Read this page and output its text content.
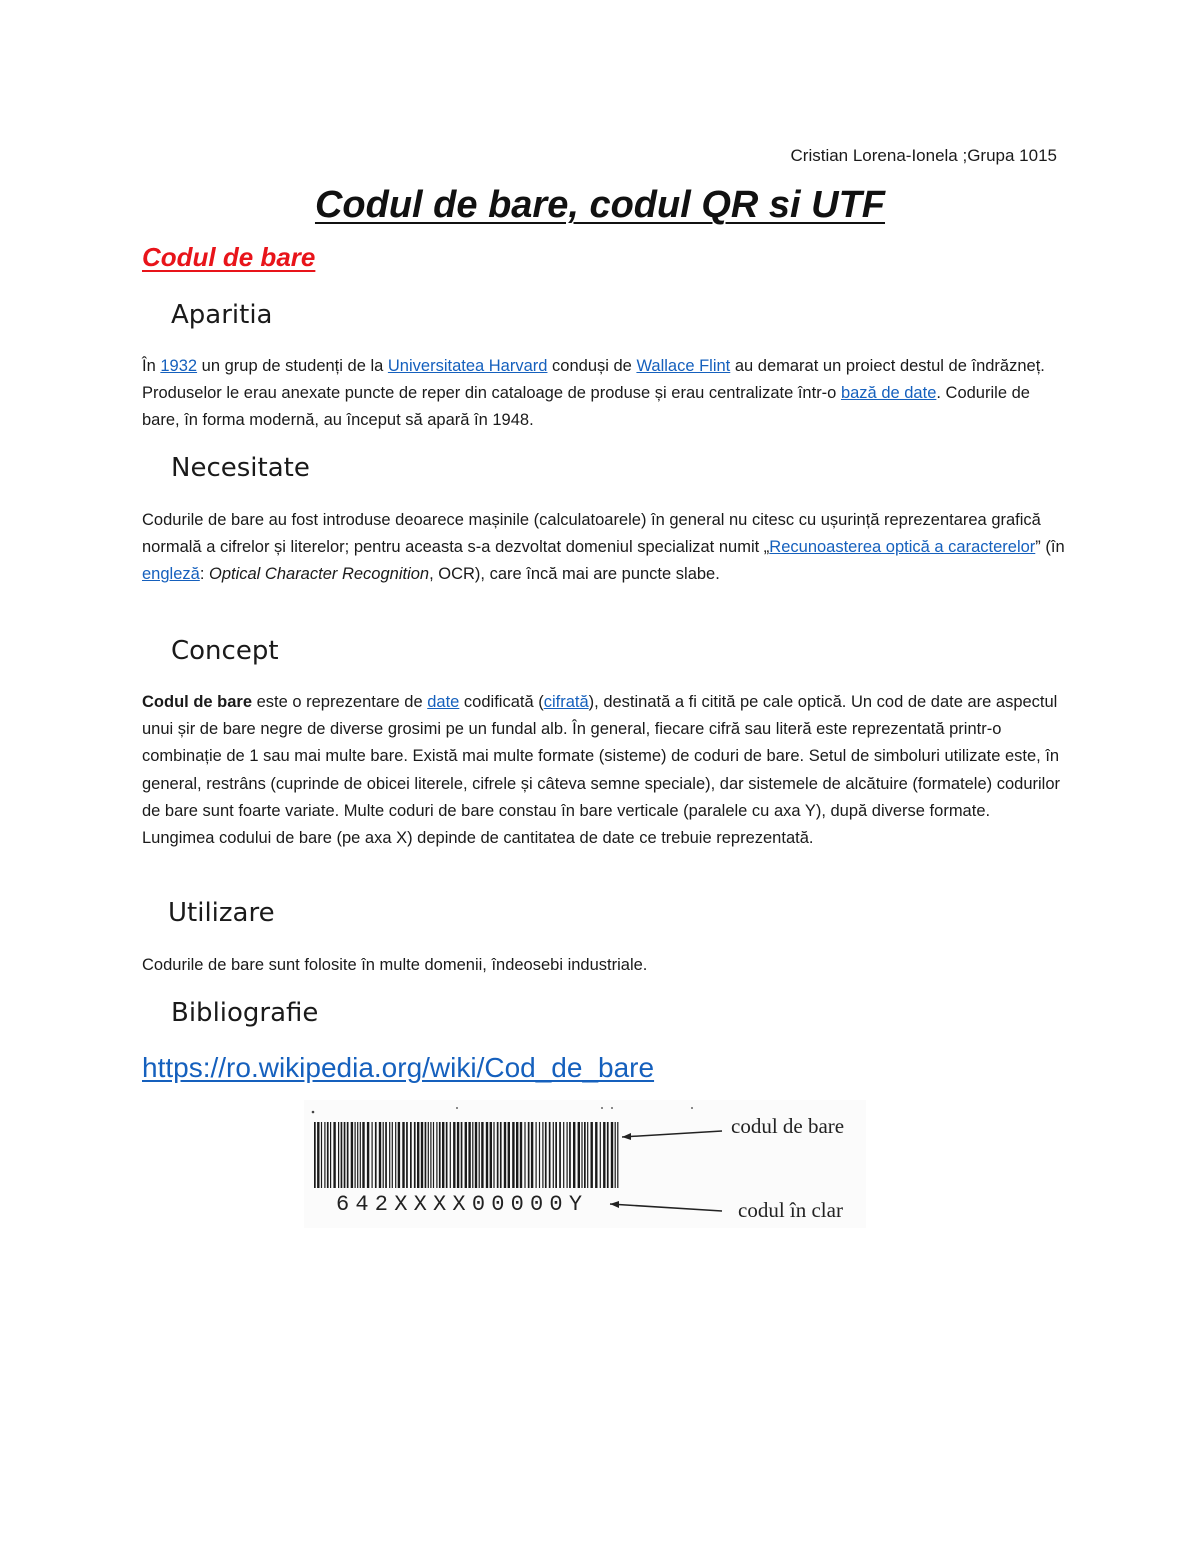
Cristian Lorena-Ionela ;Grupa 1015
Codul de bare, codul QR si UTF
Codul de bare
Aparitia
În 1932 un grup de studenți de la Universitatea Harvard conduși de Wallace Flint au demarat un proiect destul de îndrăzneț. Produselor le erau anexate puncte de reper din cataloage de produse și erau centralizate într-o bază de date. Codurile de bare, în forma modernă, au început să apară în 1948.
Necesitate
Codurile de bare au fost introduse deoarece mașinile (calculatoarele) în general nu citesc cu ușurință reprezentarea grafică normală a cifrelor și literelor; pentru aceasta s-a dezvoltat domeniul specializat numit „Recunoasterea optică a caracterelor” (în engleză: Optical Character Recognition, OCR), care încă mai are puncte slabe.
Concept
Codul de bare este o reprezentare de date codificată (cifrată), destinată a fi citită pe cale optică. Un cod de date are aspectul unui șir de bare negre de diverse grosimi pe un fundal alb. În general, fiecare cifră sau literă este reprezentată printr-o combinație de 1 sau mai multe bare. Există mai multe formate (sisteme) de coduri de bare. Setul de simboluri utilizate este, în general, restrâns (cuprinde de obicei literele, cifrele și câteva semne speciale), dar sistemele de alcătuire (formatele) codurilor de bare sunt foarte variate. Multe coduri de bare constau în bare verticale (paralele cu axa Y), după diverse formate. Lungimea codului de bare (pe axa X) depinde de cantitatea de date ce trebuie reprezentată.
Utilizare
Codurile de bare sunt folosite în multe domenii, îndeosebi industriale.
Bibliografie
https://ro.wikipedia.org/wiki/Cod_de_bare
642XXXX00000Y
codul de bare
codul în clar
